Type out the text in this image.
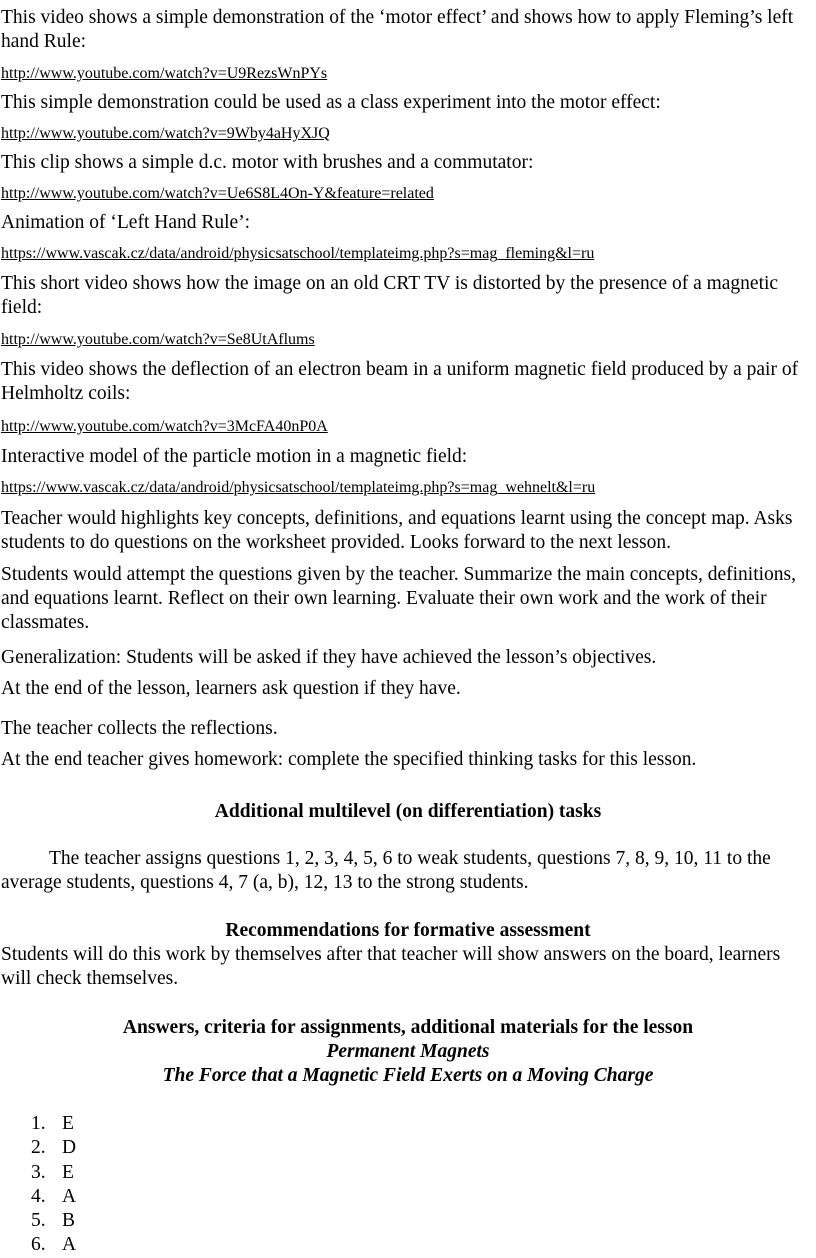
This video shows a simple demonstration of the ‘motor effect’ and shows how to apply Fleming’s left hand Rule:

http://www.youtube.com/watch?v=U9RezsWnPYs

This simple demonstration could be used as a class experiment into the motor effect:

http://www.youtube.com/watch?v=9Wby4aHyXJQ

This clip shows a simple d.c. motor with brushes and a commutator:

http://www.youtube.com/watch?v=Ue6S8L4On-Y&feature=related

Animation of ‘Left Hand Rule’:

https://www.vascak.cz/data/android/physicsatschool/templateimg.php?s=mag_fleming&l=ru

This short video shows how the image on an old CRT TV is distorted by the presence of a magnetic field:

http://www.youtube.com/watch?v=Se8UtAflums

This video shows the deflection of an electron beam in a uniform magnetic field produced by a pair of Helmholtz coils:

http://www.youtube.com/watch?v=3McFA40nP0A

Interactive model of the particle motion in a magnetic field:

https://www.vascak.cz/data/android/physicsatschool/templateimg.php?s=mag_wehnelt&l=ru

Teacher would highlights key concepts, definitions, and equations learnt using the concept map. Asks students to do questions on the worksheet provided. Looks forward to the next lesson.

Students would attempt the questions given by the teacher. Summarize the main concepts, definitions, and equations learnt. Reflect on their own learning. Evaluate their own work and the work of their classmates.

Generalization: Students will be asked if they have achieved the lesson’s objectives.

At the end of the lesson, learners ask question if they have.

The teacher collects the reflections.

At the end teacher gives homework: complete the specified thinking tasks for this lesson.

Additional multilevel (on differentiation) tasks

The teacher assigns questions 1, 2, 3, 4, 5, 6 to weak students, questions 7, 8, 9, 10, 11 to the average students, questions 4, 7 (a, b), 12, 13 to the strong students.

Recommendations for formative assessment

Students will do this work by themselves after that teacher will show answers on the board, learners will check themselves.

Answers, criteria for assignments, additional materials for the lesson

Permanent Magnets

The Force that a Magnetic Field Exerts on a Moving Charge

1. E
2. D
3. E
4. A
5. B
6. A
